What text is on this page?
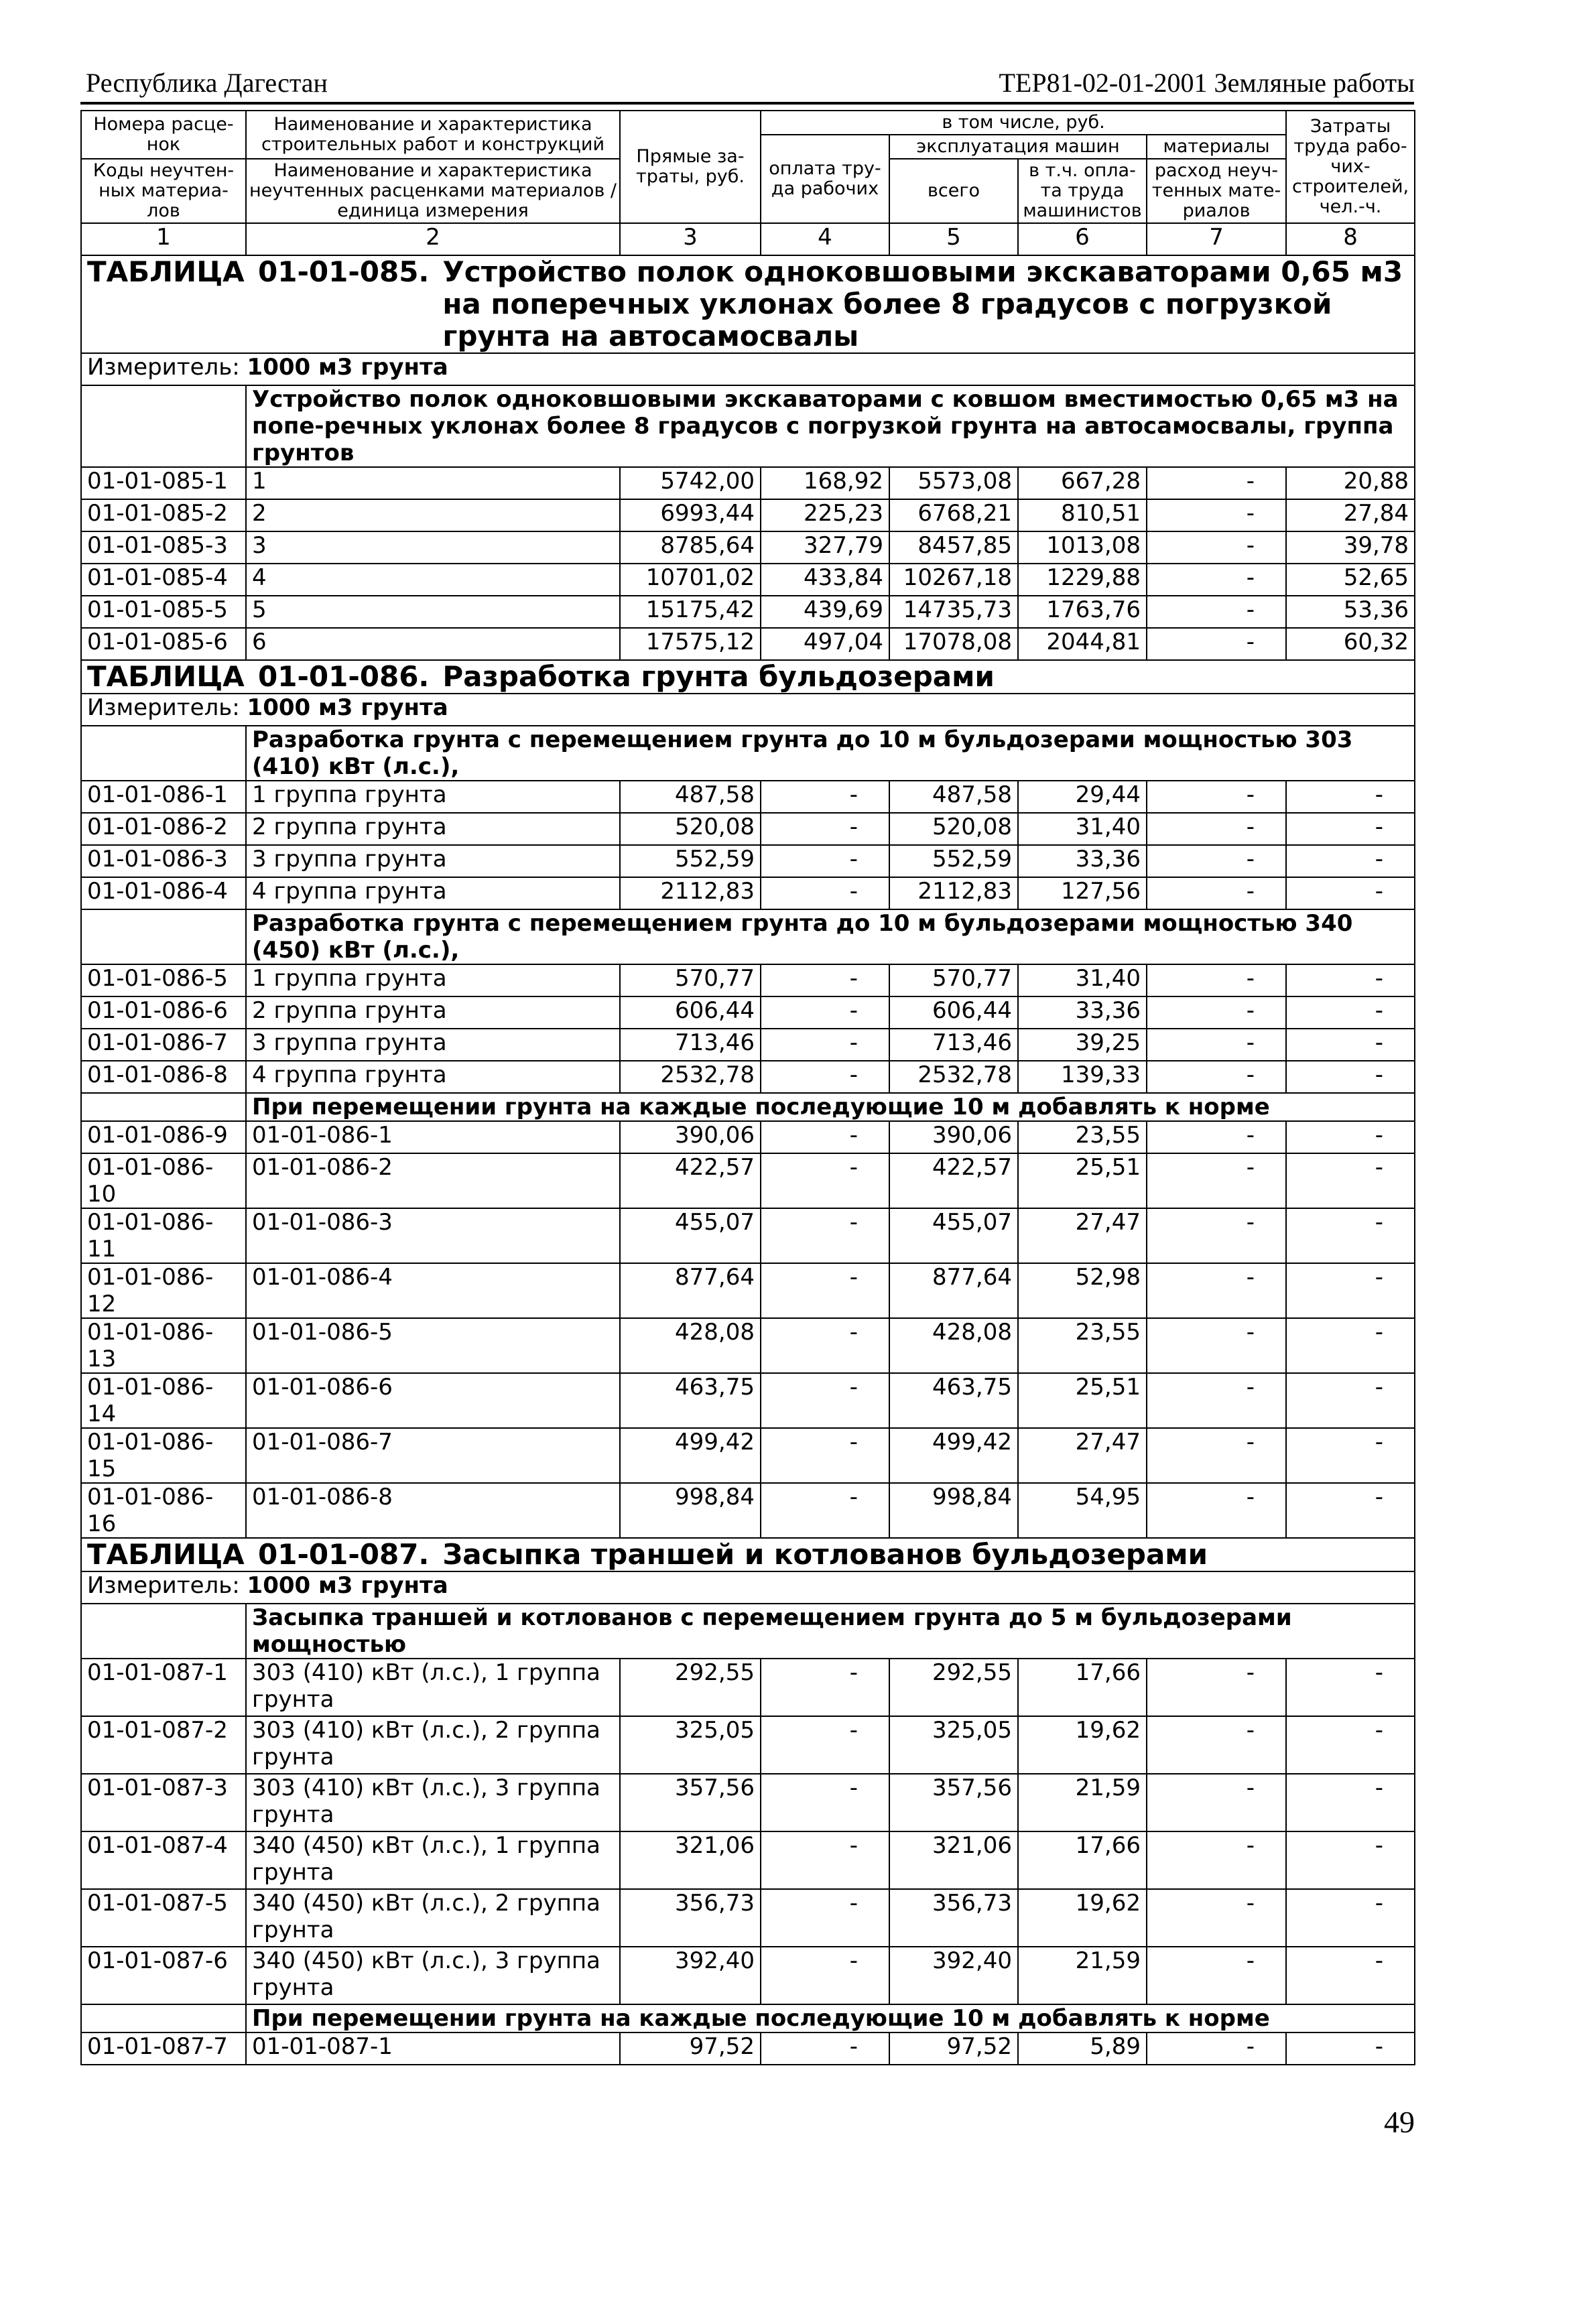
Республика Дагестан	ТЕР81-02-01-2001 Земляные работы
Номера расце-нок	Наименование и характеристика строительных работ и конструкций	Прямые за-траты, руб.	в том числе, руб.				Затраты труда рабо-чих-строителей, чел.-ч.
			оплата тру-да рабочих	эксплуатация машин		материалы	
Коды неучтен-ных материа-лов	Наименование и характеристика неучтенных расценками материалов / единица измерения			всего	в т.ч. опла-та труда машинистов	расход неуч-тенных мате-риалов	
1	2	3	4	5	6	7	8

ТАБЛИЦА 01-01-085. Устройство полок одноковшовыми экскаваторами 0,65 м3 на поперечных уклонах более 8 градусов с погрузкой грунта на автосамосвалы							

Измеритель: 1000 м3 грунта							
	Устройство полок одноковшовыми экскаваторами с ковшом вместимостью 0,65 м3 на попе-речных уклонах более 8 градусов с погрузкой грунта на автосамосвалы, группа грунтов						
01-01-085-1	1	5742,00	168,92	5573,08	667,28	-	20,88
01-01-085-2	2	6993,44	225,23	6768,21	810,51	-	27,84
01-01-085-3	3	8785,64	327,79	8457,85	1013,08	-	39,78
01-01-085-4	4	10701,02	433,84	10267,18	1229,88	-	52,65
01-01-085-5	5	15175,42	439,69	14735,73	1763,76	-	53,36
01-01-085-6	6	17575,12	497,04	17078,08	2044,81	-	60,32

ТАБЛИЦА 01-01-086. Разработка грунта бульдозерами							

Измеритель: 1000 м3 грунта							
	Разработка грунта с перемещением грунта до 10 м бульдозерами мощностью 303 (410) кВт (л.с.),						
01-01-086-1	1 группа грунта	487,58	-	487,58	29,44	-	-
01-01-086-2	2 группа грунта	520,08	-	520,08	31,40	-	-
01-01-086-3	3 группа грунта	552,59	-	552,59	33,36	-	-
01-01-086-4	4 группа грунта	2112,83	-	2112,83	127,56	-	-
	Разработка грунта с перемещением грунта до 10 м бульдозерами мощностью 340 (450) кВт (л.с.),						
01-01-086-5	1 группа грунта	570,77	-	570,77	31,40	-	-
01-01-086-6	2 группа грунта	606,44	-	606,44	33,36	-	-
01-01-086-7	3 группа грунта	713,46	-	713,46	39,25	-	-
01-01-086-8	4 группа грунта	2532,78	-	2532,78	139,33	-	-
	При перемещении грунта на каждые последующие 10 м добавлять к норме						
01-01-086-9	01-01-086-1	390,06	-	390,06	23,55	-	-
01-01-086-10	01-01-086-2	422,57	-	422,57	25,51	-	-
01-01-086-11	01-01-086-3	455,07	-	455,07	27,47	-	-
01-01-086-12	01-01-086-4	877,64	-	877,64	52,98	-	-
01-01-086-13	01-01-086-5	428,08	-	428,08	23,55	-	-
01-01-086-14	01-01-086-6	463,75	-	463,75	25,51	-	-
01-01-086-15	01-01-086-7	499,42	-	499,42	27,47	-	-
01-01-086-16	01-01-086-8	998,84	-	998,84	54,95	-	-

ТАБЛИЦА 01-01-087. Засыпка траншей и котлованов бульдозерами							

Измеритель: 1000 м3 грунта							
	Засыпка траншей и котлованов с перемещением грунта до 5 м бульдозерами мощностью						
01-01-087-1	303 (410) кВт (л.с.), 1 группа грунта	292,55	-	292,55	17,66	-	-
01-01-087-2	303 (410) кВт (л.с.), 2 группа грунта	325,05	-	325,05	19,62	-	-
01-01-087-3	303 (410) кВт (л.с.), 3 группа грунта	357,56	-	357,56	21,59	-	-
01-01-087-4	340 (450) кВт (л.с.), 1 группа грунта	321,06	-	321,06	17,66	-	-
01-01-087-5	340 (450) кВт (л.с.), 2 группа грунта	356,73	-	356,73	19,62	-	-
01-01-087-6	340 (450) кВт (л.с.), 3 группа грунта	392,40	-	392,40	21,59	-	-
	При перемещении грунта на каждые последующие 10 м добавлять к норме						
01-01-087-7	01-01-087-1	97,52	-	97,52	5,89	-	-
49
